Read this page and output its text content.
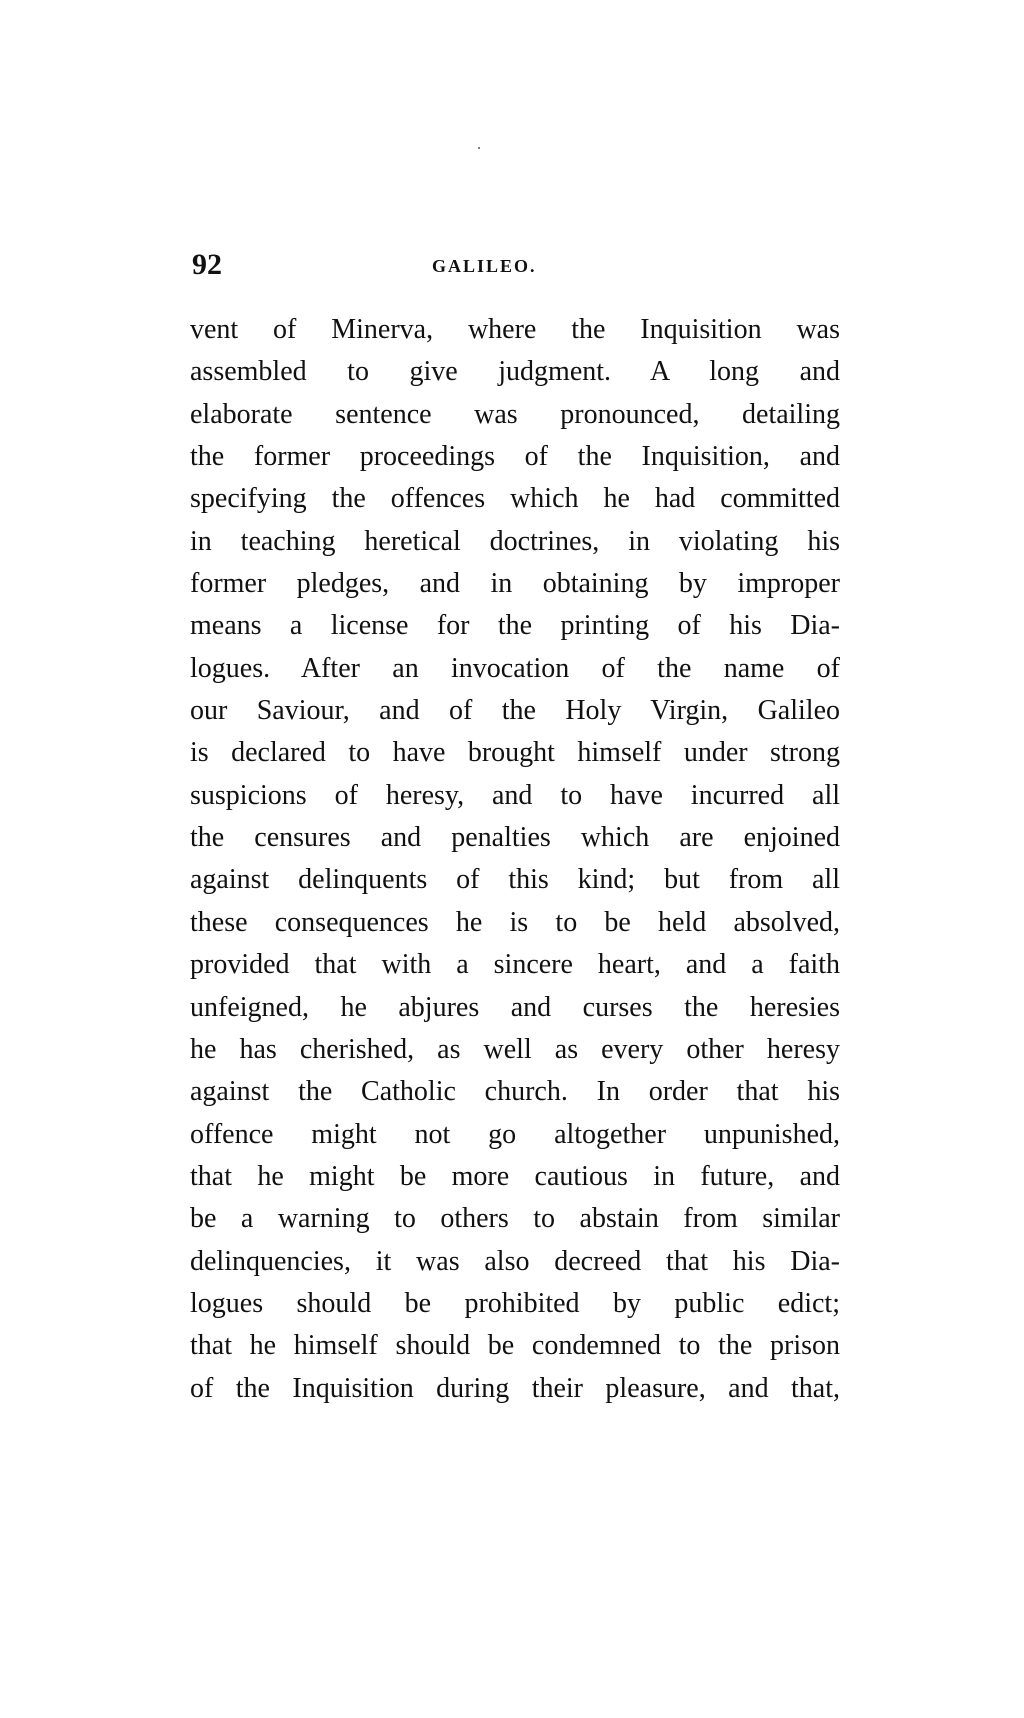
92	GALILEO.
vent of Minerva, where the Inquisition was
assembled to give judgment. A long and
elaborate sentence was pronounced, detailing
the former proceedings of the Inquisition, and
specifying the offences which he had committed
in teaching heretical doctrines, in violating his
former pledges, and in obtaining by improper
means a license for the printing of his Dia-
logues. After an invocation of the name of
our Saviour, and of the Holy Virgin, Galileo
is declared to have brought himself under strong
suspicions of heresy, and to have incurred all
the censures and penalties which are enjoined
against delinquents of this kind; but from all
these consequences he is to be held absolved,
provided that with a sincere heart, and a faith
unfeigned, he abjures and curses the heresies
he has cherished, as well as every other heresy
against the Catholic church. In order that his
offence might not go altogether unpunished,
that he might be more cautious in future, and
be a warning to others to abstain from similar
delinquencies, it was also decreed that his Dia-
logues should be prohibited by public edict;
that he himself should be condemned to the prison
of the Inquisition during their pleasure, and that,
